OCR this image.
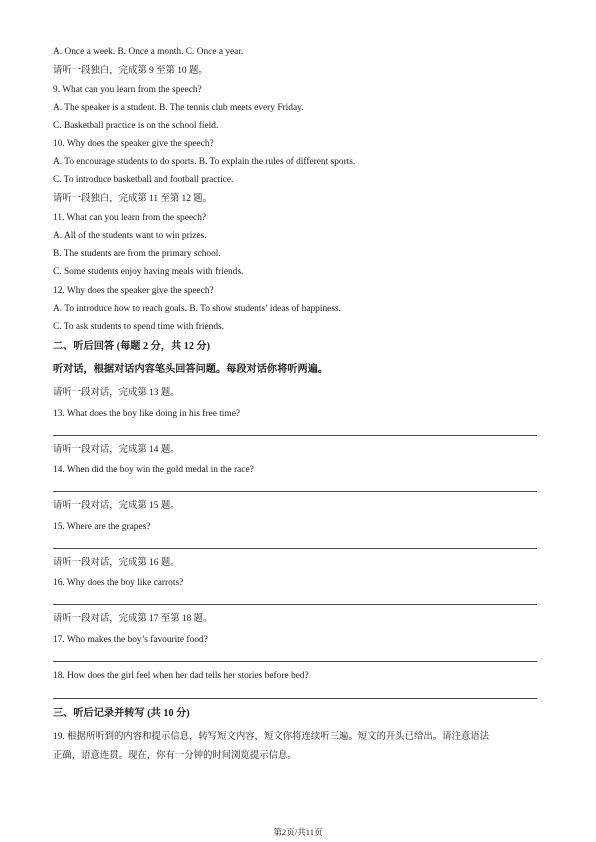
A. Once a week. B. Once a month. C. Once a year.
请听一段独白，完成第 9 至第 10 题。
9. What can you learn from the speech?
A. The speaker is a student. B. The tennis club meets every Friday.
C. Basketball practice is on the school field.
10. Why does the speaker give the speech?
A. To encourage students to do sports. B. To explain the rules of different sports.
C. To introduce basketball and football practice.
请听一段独白，完成第 11 至第 12 题。
11. What can you learn from the speech?
A. All of the students want to win prizes.
B. The students are from the primary school.
C. Some students enjoy having meals with friends.
12. Why does the speaker give the speech?
A. To introduce how to reach goals. B. To show students’ ideas of happiness.
C. To ask students to spend time with friends.
二、听后回答 (每题 2 分，共 12 分)
听对话，根据对话内容笔头回答问题。每段对话你将听两遍。
请听一段对话，完成第 13 题。
13. What does the boy like doing in his free time?
请听一段对话，完成第 14 题。
14. When did the boy win the gold medal in the race?
请听一段对话，完成第 15 题。
15. Where are the grapes?
请听一段对话，完成第 16 题。
16. Why does the boy like carrots?
请听一段对话，完成第 17 至第 18 题。
17. Who makes the boy’s favourite food?
18. How does the girl feel when her dad tells her stories before bed?
三、听后记录并转写 (共 10 分)
19. 根据所听到的内容和提示信息，转写短文内容，短文你将连续听三遍。短文的开头已给出。请注意语法
正确，语意连贯。现在，你有一分钟的时间浏览提示信息。
第2页/共11页
